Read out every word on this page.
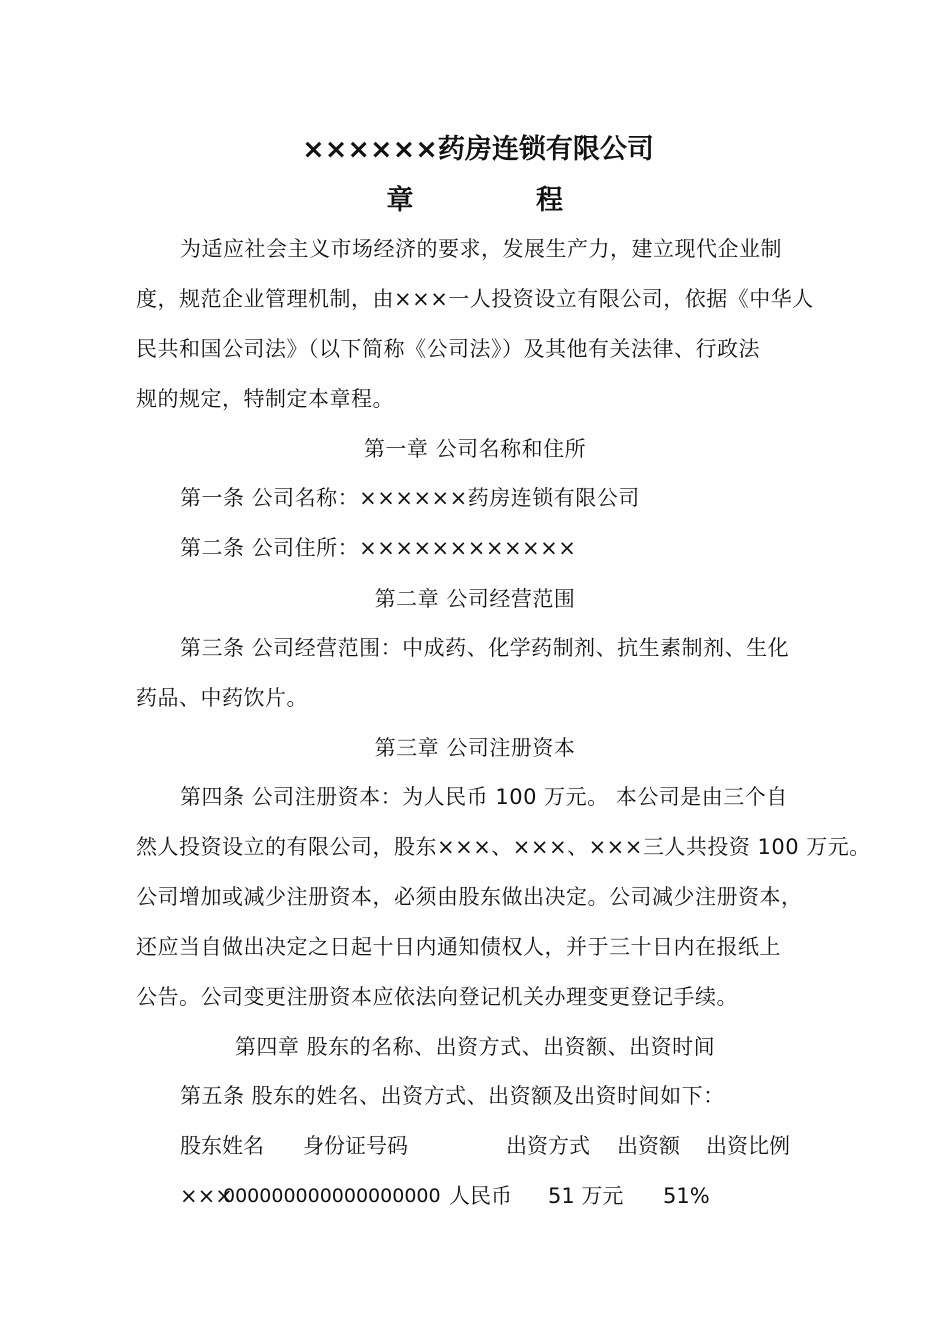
××××××药房连锁有限公司
章	程
为适应社会主义市场经济的要求，发展生产力，建立现代企业制
度，规范企业管理机制，由×××一人投资设立有限公司，依据《中华人
民共和国公司法》（以下简称《公司法》）及其他有关法律、行政法
规的规定，特制定本章程。
第一章 公司名称和住所
第一条 公司名称：××××××药房连锁有限公司
第二条 公司住所：××××××××××××
第二章 公司经营范围
第三条 公司经营范围：中成药、化学药制剂、抗生素制剂、生化
药品、中药饮片。
第三章 公司注册资本
第四条 公司注册资本：为人民币 100 万元。 本公司是由三个自
然人投资设立的有限公司，股东×××、×××、×××三人共投资 100 万元。
公司增加或减少注册资本，必须由股东做出决定。公司减少注册资本，
还应当自做出决定之日起十日内通知债权人，并于三十日内在报纸上
公告。公司变更注册资本应依法向登记机关办理变更登记手续。
第四章 股东的名称、出资方式、出资额、出资时间
第五条 股东的姓名、出资方式、出资额及出资时间如下：
股东姓名 身份证号码	出资方式 出资额 出资比例
×××
000000000000000000 人民币 51 万元 51%
